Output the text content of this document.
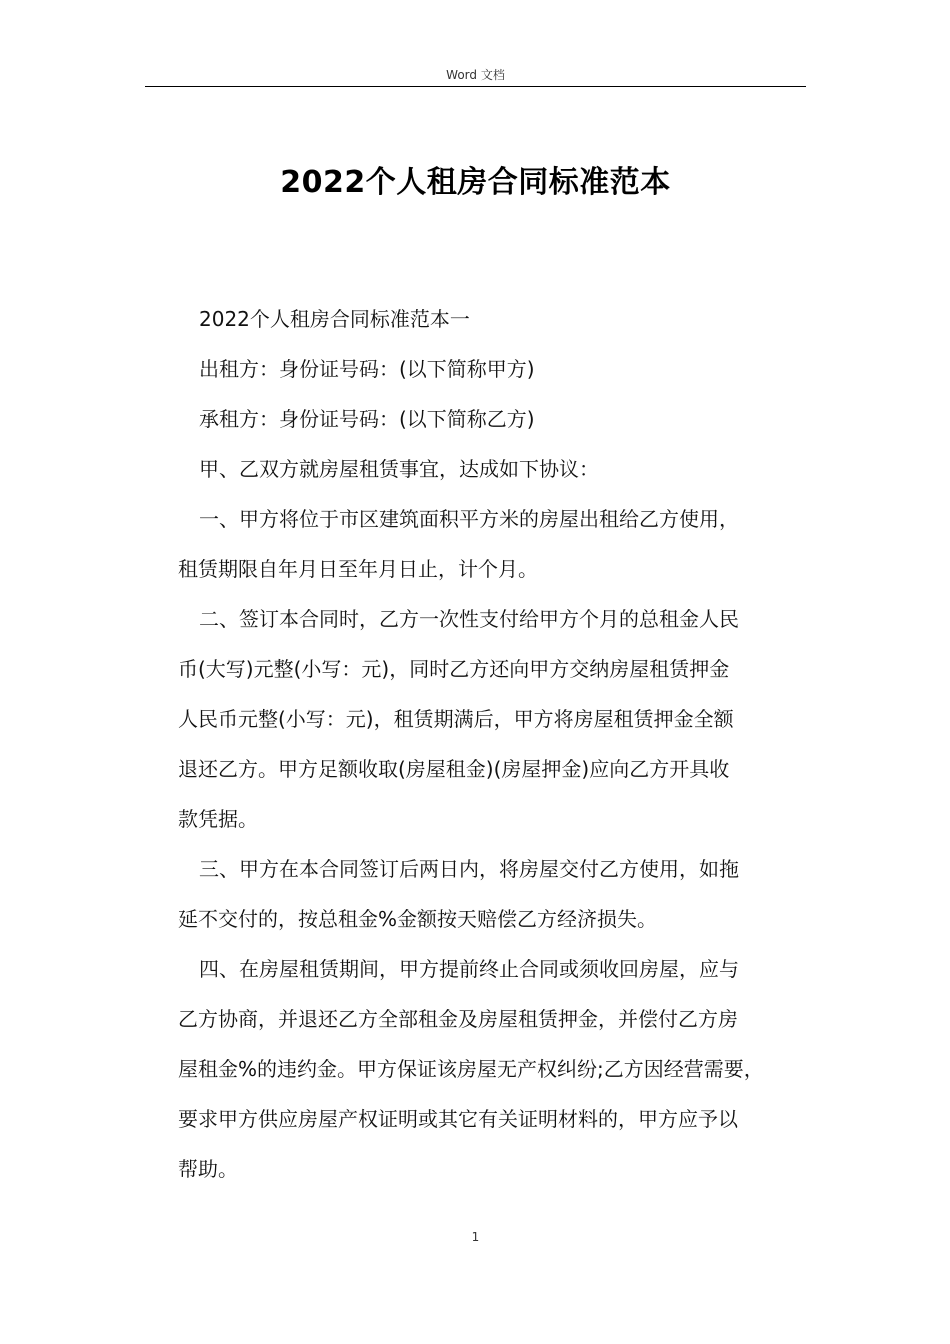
Word 文档
2022个人租房合同标准范本

2022个人租房合同标准范本一

出租方：身份证号码：(以下简称甲方)

承租方：身份证号码：(以下简称乙方)

甲、乙双方就房屋租赁事宜，达成如下协议：

一、甲方将位于市区建筑面积平方米的房屋出租给乙方使用，
租赁期限自年月日至年月日止，计个月。

二、签订本合同时，乙方一次性支付给甲方个月的总租金人民
币(大写)元整(小写：元)，同时乙方还向甲方交纳房屋租赁押金
人民币元整(小写：元)，租赁期满后，甲方将房屋租赁押金全额
退还乙方。甲方足额收取(房屋租金)(房屋押金)应向乙方开具收
款凭据。

三、甲方在本合同签订后两日内，将房屋交付乙方使用，如拖
延不交付的，按总租金%金额按天赔偿乙方经济损失。

四、在房屋租赁期间，甲方提前终止合同或须收回房屋，应与
乙方协商，并退还乙方全部租金及房屋租赁押金，并偿付乙方房
屋租金%的违约金。甲方保证该房屋无产权纠纷;乙方因经营需要，
要求甲方供应房屋产权证明或其它有关证明材料的，甲方应予以
帮助。

1
